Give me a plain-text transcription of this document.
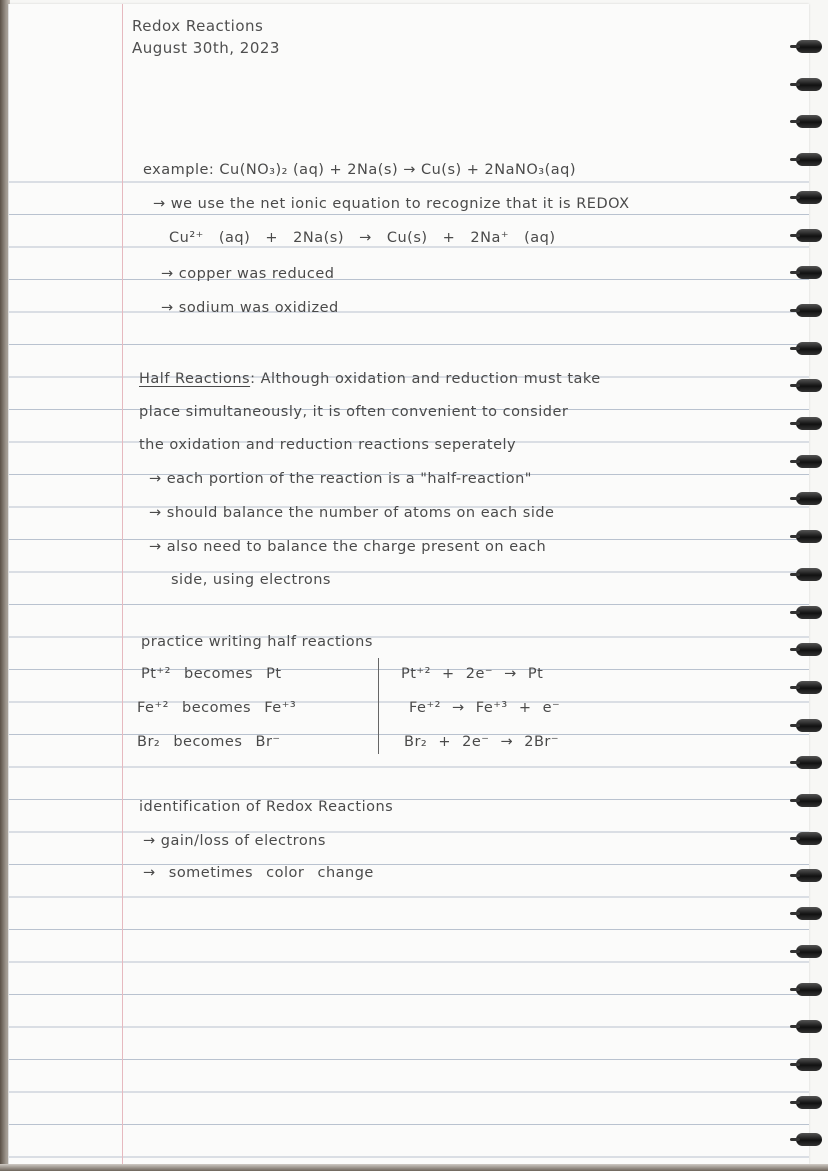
Redox Reactions
August 30th, 2023
example: Cu(NO₃)₂ (aq) + 2Na(s) → Cu(s) + 2NaNO₃(aq)
→ we use the net ionic equation to recognize that it is REDOX
Cu²⁺ (aq) + 2Na(s) → Cu(s) + 2Na⁺ (aq)
→ copper was reduced
→ sodium was oxidized
Half Reactions: Although oxidation and reduction must take
place simultaneously, it is often convenient to consider
the oxidation and reduction reactions seperately
→ each portion of the reaction is a "half-reaction"
→ should balance the number of atoms on each side
→ also need to balance the charge present on each
side, using electrons
practice writing half reactions
Pt⁺² becomes Pt	Pt⁺² + 2e⁻ → Pt
Fe⁺² becomes Fe⁺³	Fe⁺² → Fe⁺³ + e⁻
Br₂ becomes Br⁻	Br₂ + 2e⁻ → 2Br⁻
identification of Redox Reactions
→ gain/loss of electrons
→ sometimes color change
